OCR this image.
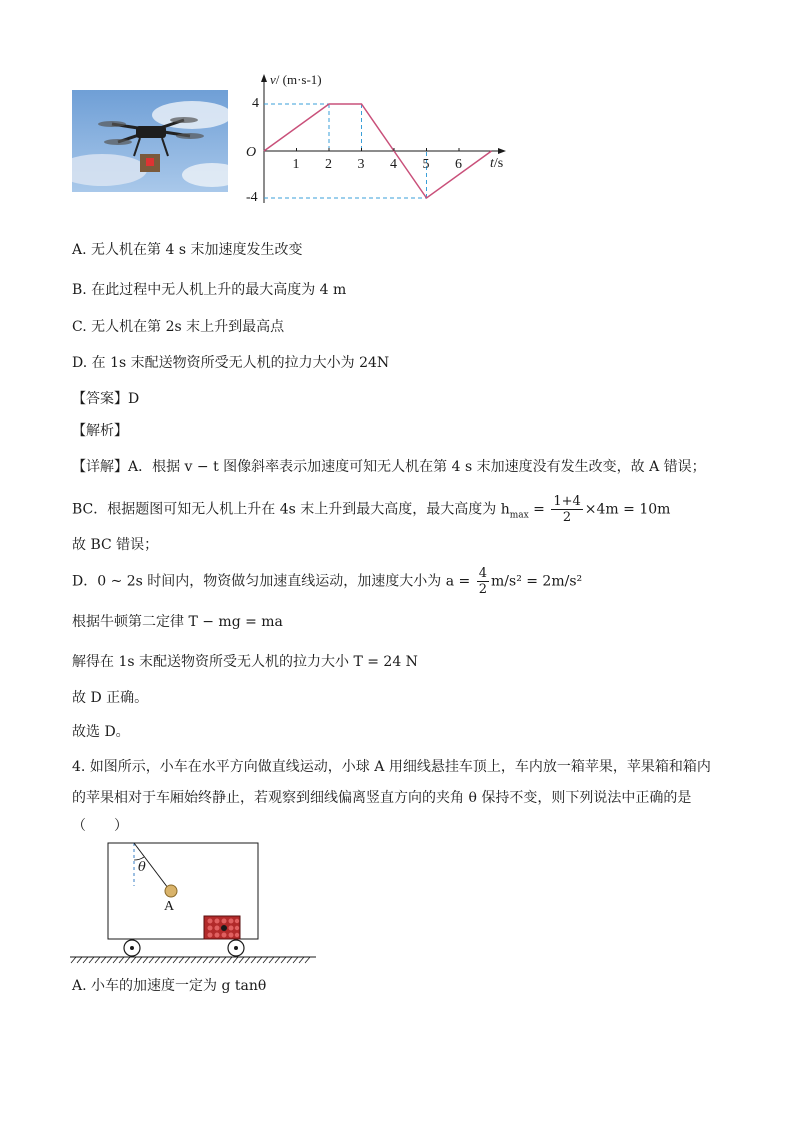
v/ (m·s-1)
O
4
-4
t/s
1 2 3 4 5 6
A. 无人机在第 4 s 末加速度发生改变
B. 在此过程中无人机上升的最大高度为 4 m
C. 无人机在第 2s 末上升到最高点
D. 在 1s 末配送物资所受无人机的拉力大小为 24N
【答案】D
【解析】
【详解】A．根据 v − t 图像斜率表示加速度可知无人机在第 4 s 末加速度没有发生改变，故 A 错误；
BC．根据题图可知无人机上升在 4s 末上升到最大高度，最大高度为 $h_{max} = \frac{1+4}{2} \times 4m = 10m$
故 BC 错误；
D．0 ~ 2s 时间内，物资做匀加速直线运动，加速度大小为 $a = \frac{4}{2} m/s^2 = 2m/s^2$
根据牛顿第二定律 T − mg = ma
解得在 1s 末配送物资所受无人机的拉力大小 T = 24 N
故 D 正确。
故选 D。
4. 如图所示，小车在水平方向做直线运动，小球 A 用细线悬挂车顶上，车内放一箱苹果，苹果箱和箱内
的苹果相对于车厢始终静止，若观察到细线偏离竖直方向的夹角 θ 保持不变，则下列说法中正确的是
（　　）
θ
A
A. 小车的加速度一定为 g tanθ
